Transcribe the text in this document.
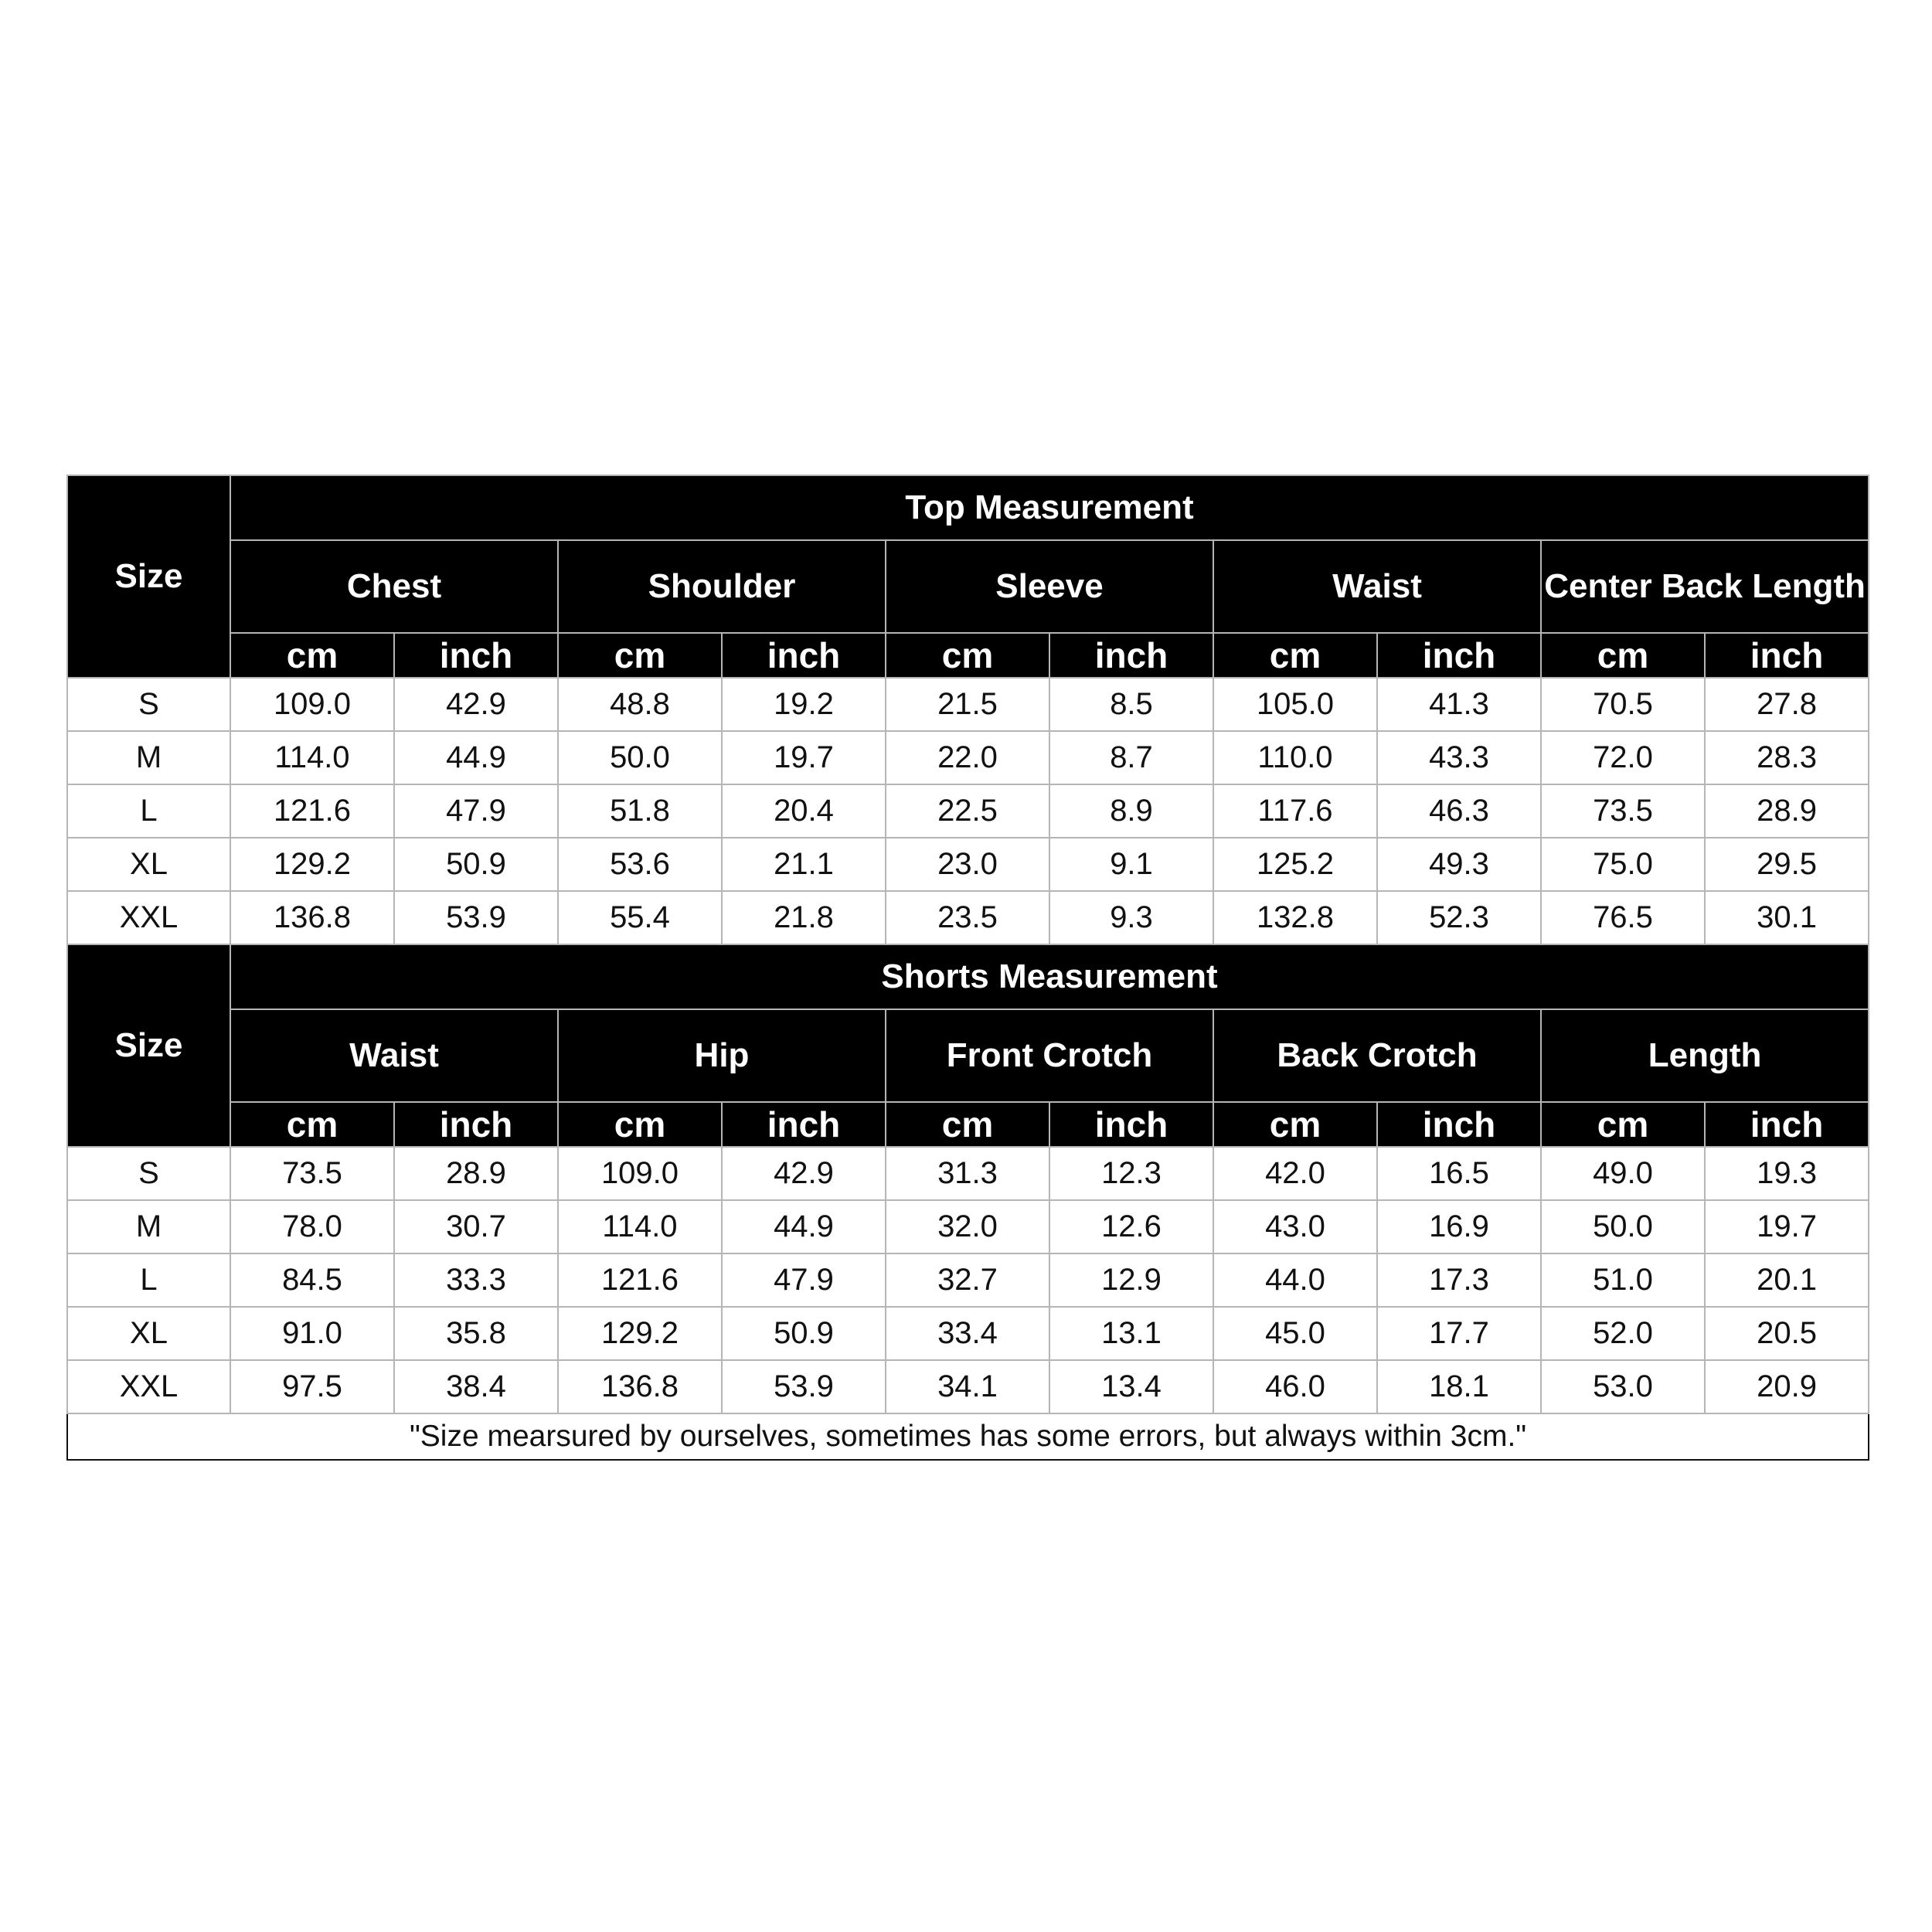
Size	Top Measurement									
	Chest		Shoulder		Sleeve		Waist		Center Back Length	
	cm	inch	cm	inch	cm	inch	cm	inch	cm	inch
S	109.0	42.9	48.8	19.2	21.5	8.5	105.0	41.3	70.5	27.8
M	114.0	44.9	50.0	19.7	22.0	8.7	110.0	43.3	72.0	28.3
L	121.6	47.9	51.8	20.4	22.5	8.9	117.6	46.3	73.5	28.9
XL	129.2	50.9	53.6	21.1	23.0	9.1	125.2	49.3	75.0	29.5
XXL	136.8	53.9	55.4	21.8	23.5	9.3	132.8	52.3	76.5	30.1
Size	Shorts Measurement									
	Waist		Hip		Front Crotch		Back Crotch		Length	
	cm	inch	cm	inch	cm	inch	cm	inch	cm	inch
S	73.5	28.9	109.0	42.9	31.3	12.3	42.0	16.5	49.0	19.3
M	78.0	30.7	114.0	44.9	32.0	12.6	43.0	16.9	50.0	19.7
L	84.5	33.3	121.6	47.9	32.7	12.9	44.0	17.3	51.0	20.1
XL	91.0	35.8	129.2	50.9	33.4	13.1	45.0	17.7	52.0	20.5
XXL	97.5	38.4	136.8	53.9	34.1	13.4	46.0	18.1	53.0	20.9
"Size mearsured by ourselves, sometimes has some errors, but always within 3cm."										
